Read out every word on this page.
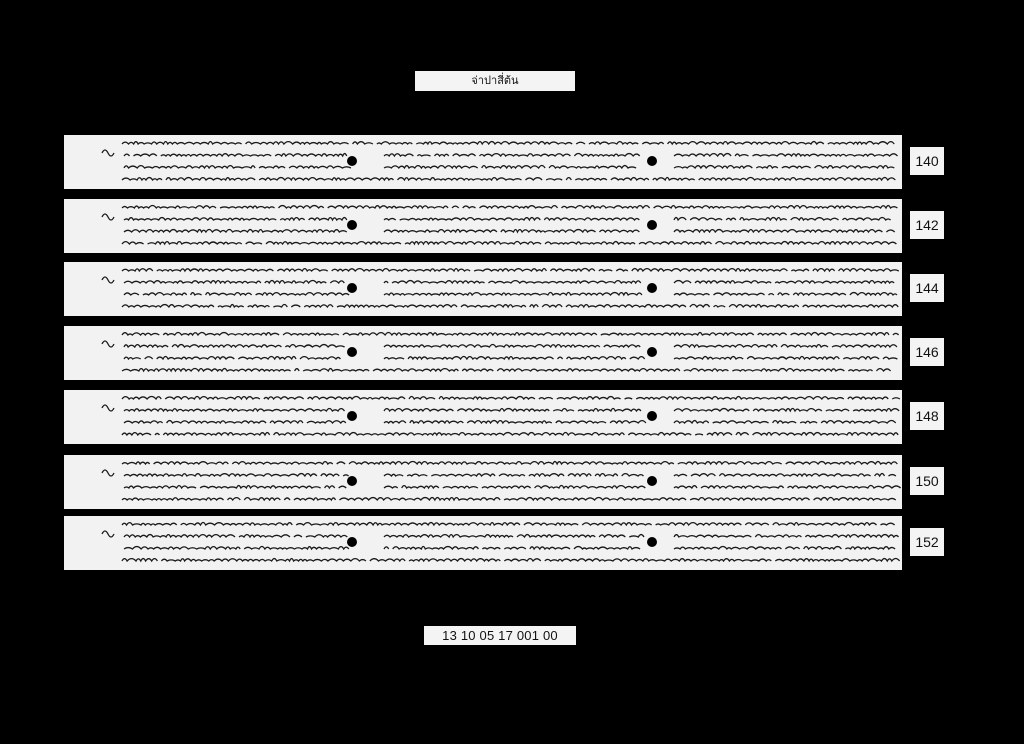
จ่าปาสี่ต้น
140
142
144
146
148
150
152
13 10 05 17 001 00
